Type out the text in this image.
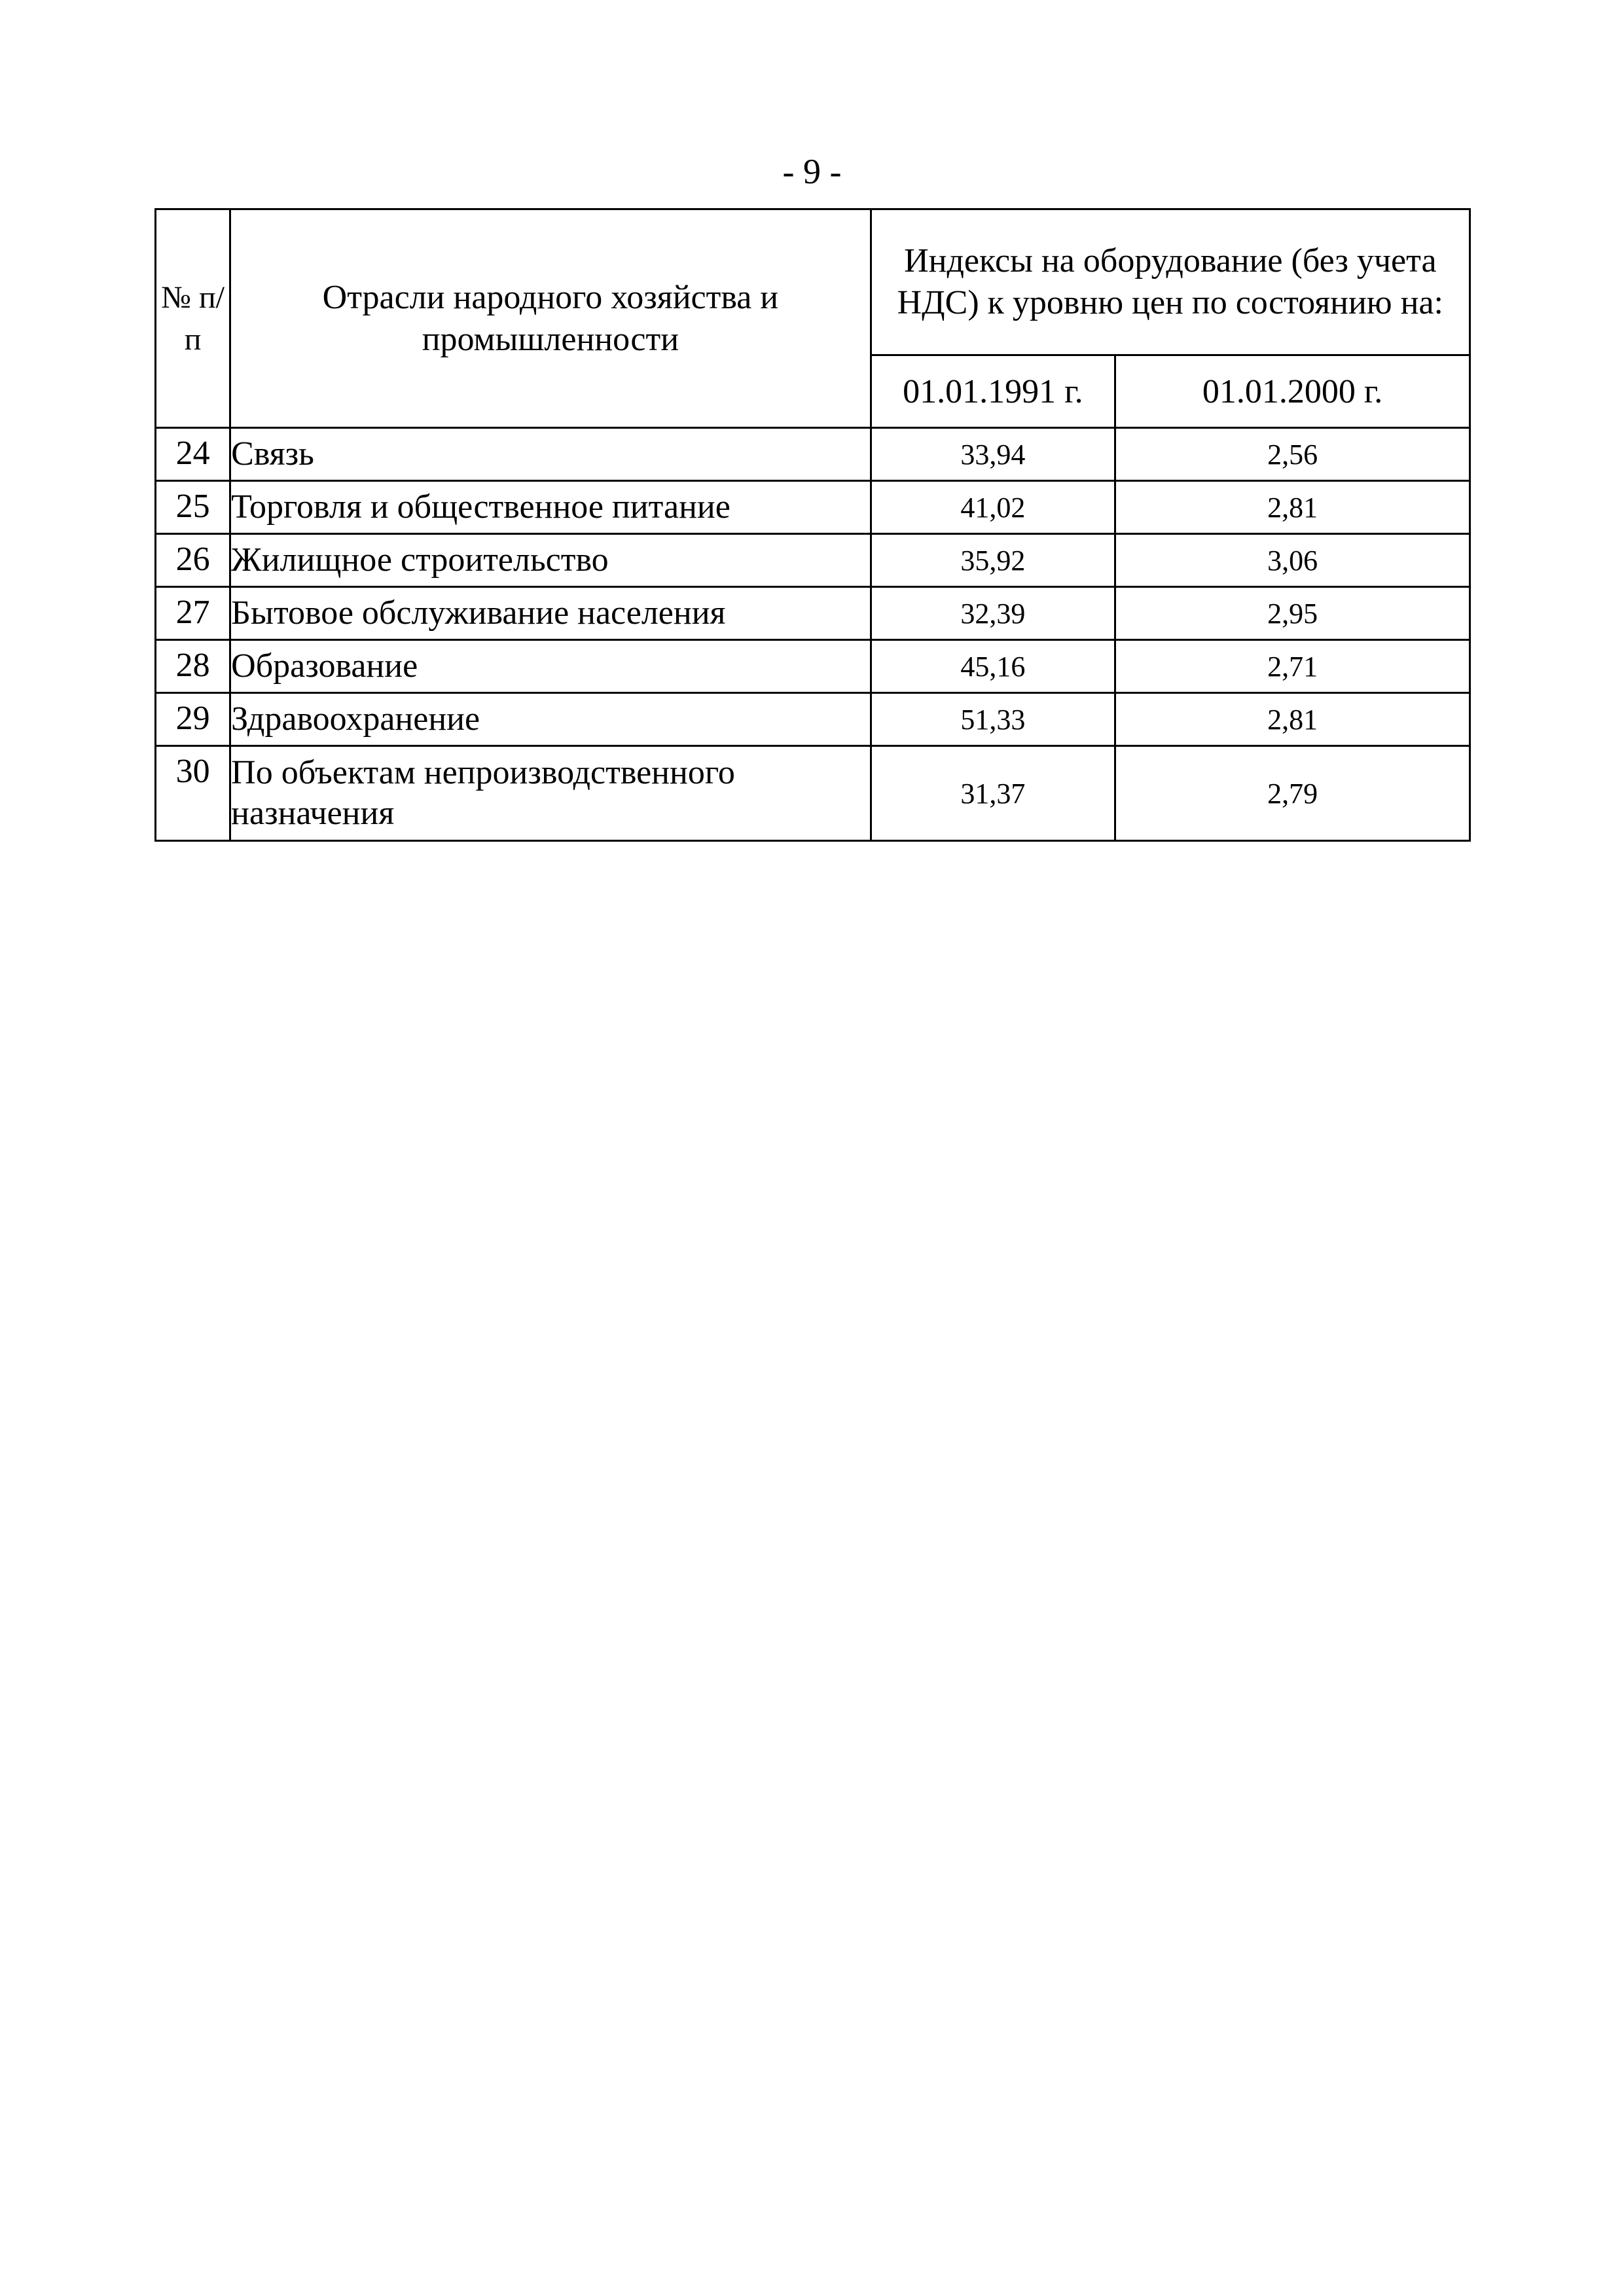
- 9 -
№ п/п	Отрасли народного хозяйства и промышленности	Индексы на оборудование (без учета НДС) к уровню цен по состоянию на:	
		01.01.1991 г.	01.01.2000 г.
24	Связь	33,94	2,56
25	Торговля и общественное питание	41,02	2,81
26	Жилищное строительство	35,92	3,06
27	Бытовое обслуживание населения	32,39	2,95
28	Образование	45,16	2,71
29	Здравоохранение	51,33	2,81
30	По объектам непроизводственного назначения	31,37	2,79
